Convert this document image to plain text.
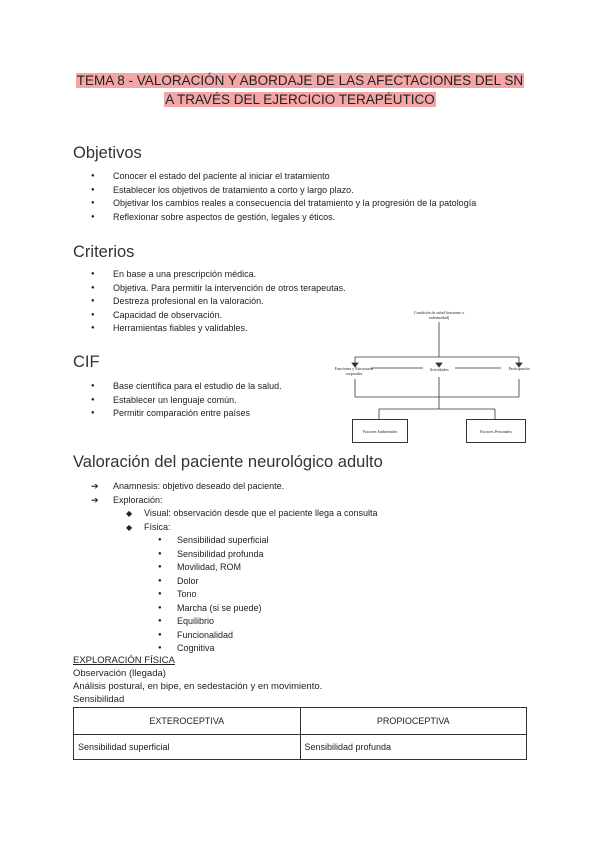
TEMA 8 - VALORACIÓN Y ABORDAJE DE LAS AFECTACIONES DEL SN
A TRAVÉS DEL EJERCICIO TERAPÉUTICO
Objetivos
● Conocer el estado del paciente al iniciar el tratamiento
● Establecer los objetivos de tratamiento a corto y largo plazo.
● Objetivar los cambios reales a consecuencia del tratamiento y la progresión de la patología
● Reflexionar sobre aspectos de gestión, legales y éticos.
Criterios
● En base a una prescripción médica.
● Objetiva. Para permitir la intervención de otros terapeutas.
● Destreza profesional en la valoración.
● Capacidad de observación.
● Herramientas fiables y validables.
CIF
● Base científica para el estudio de la salud.
● Establecer un lenguaje común.
● Permitir comparación entre países
Condición de salud (trastorno o enfermedad)
Funciones y Estructuras corporales
Actividades	Participación
Factores Ambientales	Factores Personales
Valoración del paciente neurológico adulto
➔ Anamnesis: objetivo deseado del paciente.
➔ Exploración:
◆ Visual: observación desde que el paciente llega a consulta
◆ Física:
● Sensibilidad superficial
● Sensibilidad profunda
● Movilidad, ROM
● Dolor
● Tono
● Marcha (si se puede)
● Equilibrio
● Funcionalidad
● Cognitiva
EXPLORACIÓN FÍSICA
Observación (llegada)
Análisis postural, en bipe, en sedestación y en movimiento.
Sensibilidad
EXTEROCEPTIVA	PROPIOCEPTIVA
Sensibilidad superficial	Sensibilidad profunda
